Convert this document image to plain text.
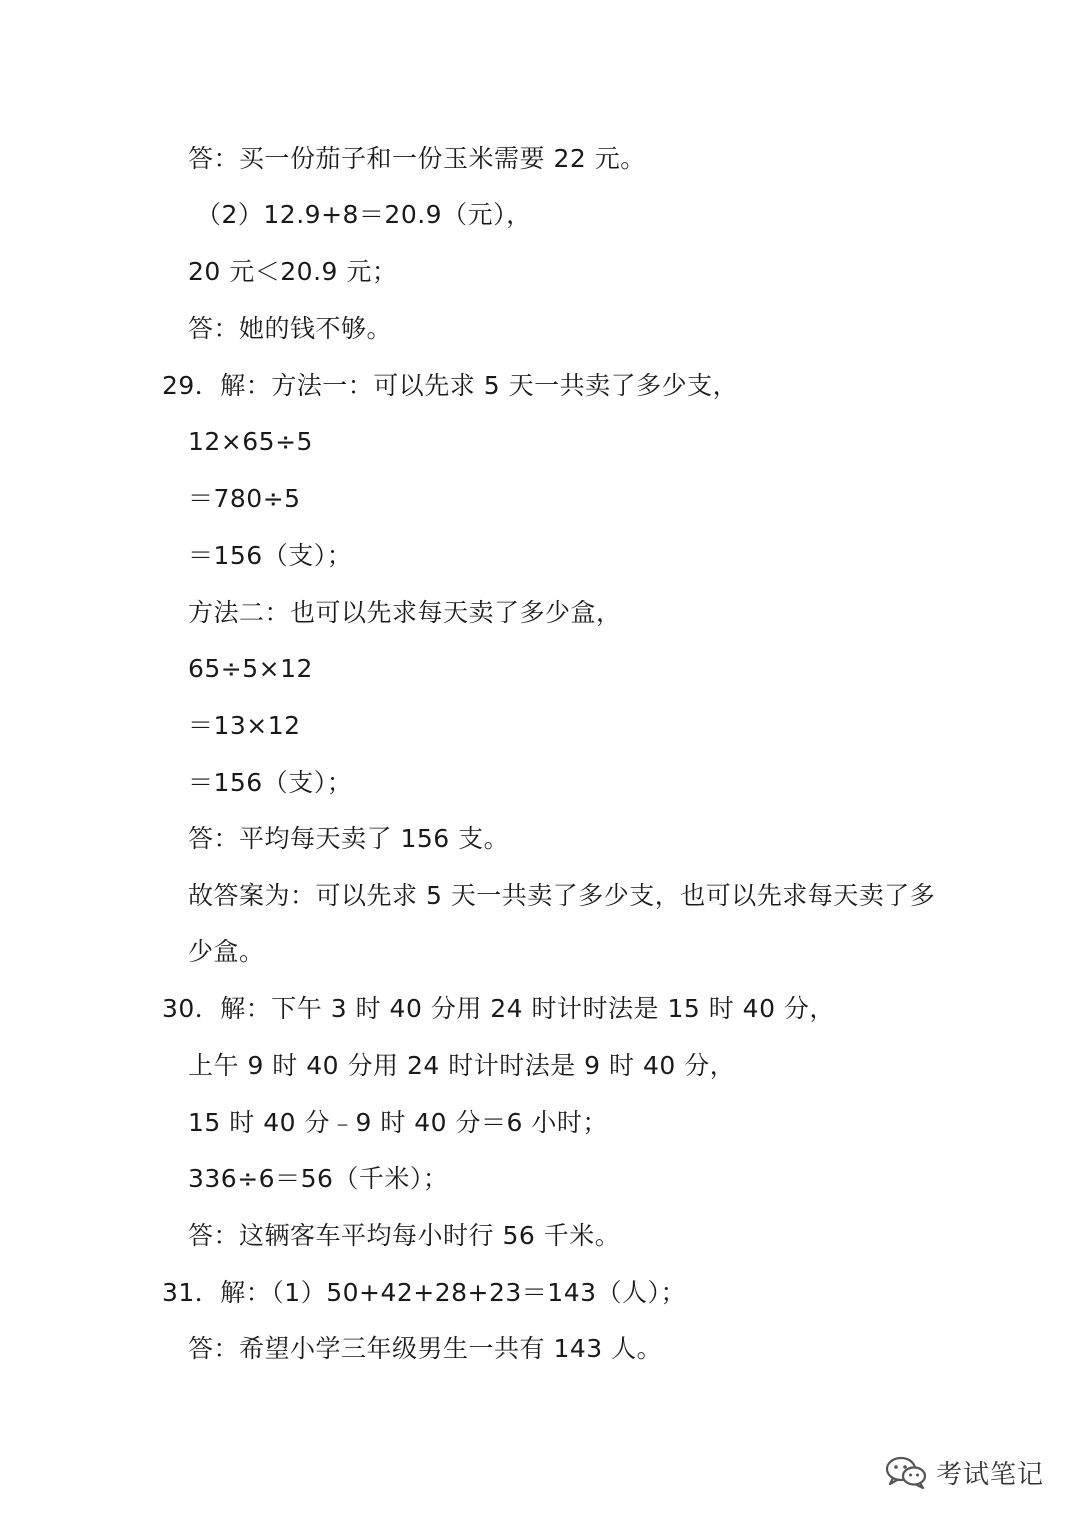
答：买一份茄子和一份玉米需要 22 元。
（2）12.9+8＝20.9（元），
20 元＜20.9 元；
答：她的钱不够。
29．解：方法一：可以先求 5 天一共卖了多少支，
12×65÷5
＝780÷5
＝156（支）；
方法二：也可以先求每天卖了多少盒，
65÷5×12
＝13×12
＝156（支）；
答：平均每天卖了 156 支。
故答案为：可以先求 5 天一共卖了多少支，也可以先求每天卖了多
少盒。
30．解：下午 3 时 40 分用 24 时计时法是 15 时 40 分，
上午 9 时 40 分用 24 时计时法是 9 时 40 分，
15 时 40 分﹣9 时 40 分＝6 小时；
336÷6＝56（千米）；
答：这辆客车平均每小时行 56 千米。
31．解：（1）50+42+28+23＝143（人）；
答：希望小学三年级男生一共有 143 人。
考试笔记
